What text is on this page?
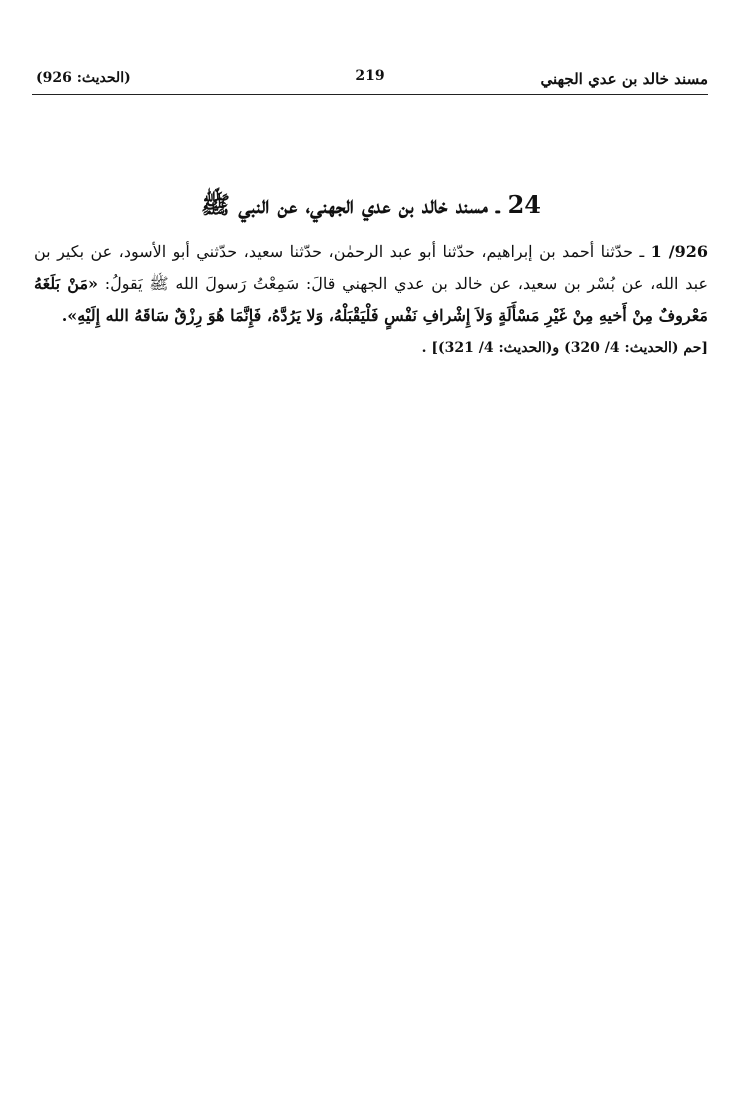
(الحديث: 926)	219	مسند خالد بن عدي الجهني
24 ـ مسند خالد بن عدي الجهني، عن النبي ﷺ

926/ 1 ـ حدّثنا أحمد بن إبراهيم، حدّثنا أبو عبد الرحمٰن، حدّثنا سعيد، حدّثني أبو الأسود، عن بكير بن عبد الله، عن بُسْر بن سعيد، عن خالد بن عدي الجهني قالَ: سَمِعْتُ رَسولَ الله ﷺ يَقولُ: «مَنْ بَلَغَهُ مَعْروفٌ مِنْ أَخيهِ مِنْ غَيْرِ مَسْأَلَةٍ وَلاَ إِشْرافِ نَفْسٍ فَلْيَقْبَلْهُ، وَلا يَرُدَّهُ، فَإِنَّمَا هُوَ رِزْقٌ سَاقَهُ الله إِلَيْهِ».

[حم (الحديث: 4/ 320) و(الحديث: 4/ 321)] .
